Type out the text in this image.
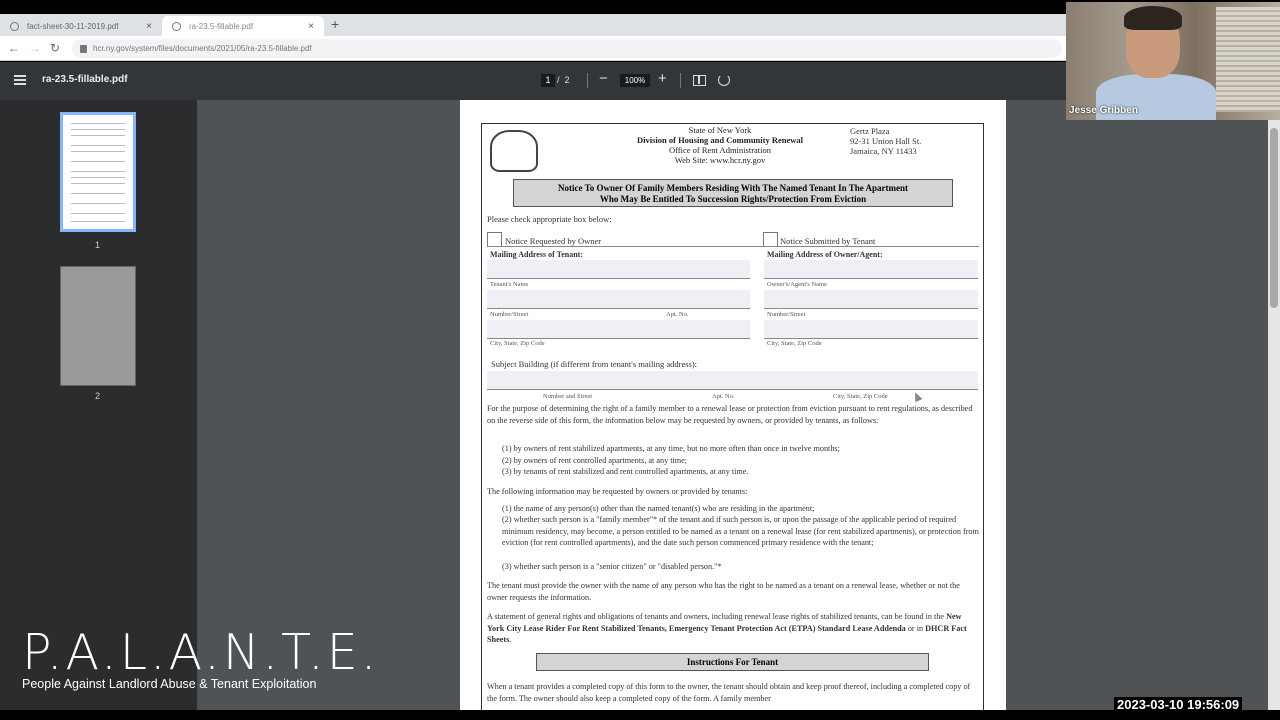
fact-sheet-30-11-2019.pdf	×	ra-23.5-fillable.pdf	× +
← → ↻	hcr.ny.gov/system/files/documents/2021/05/ra-23.5-fillable.pdf
ra-23.5-fillable.pdf	1 / 2 −	100% +
1
2
State of New York
Division of Housing and Community Renewal
Office of Rent Administration
Web Site: www.hcr.ny.gov
Gertz Plaza
92-31 Union Hall St.
Jamaica, NY 11433
Notice To Owner Of Family Members Residing With The Named Tenant In The Apartment
Who May Be Entitled To Succession Rights/Protection From Eviction
Please check appropriate box below:
Notice Requested by Owner	Notice Submitted by Tenant
Mailing Address of Tenant:	Mailing Address of Owner/Agent:
Tenant's Name	Owner's/Agent's Name
Number/Street	Apt. No.	Number/Street
City, State, Zip Code	City, State, Zip Code
Subject Building (if different from tenant's mailing address):
Number and Street	Apt. No.	City, State, Zip Code
For the purpose of determining the right of a family member to a renewal lease or protection from eviction pursuant to rent regulations, as described on the reverse side of this form, the information below may be requested by owners, or provided by tenants, as follows:
(1) by owners of rent stabilized apartments, at any time, but no more often than once in twelve months;
(2) by owners of rent controlled apartments, at any time;
(3) by tenants of rent stabilized and rent controlled apartments, at any time.
The following information may be requested by owners or provided by tenants:
(1) the name of any person(s) other than the named tenant(s) who are residing in the apartment;
(2) whether such person is a "family member"* of the tenant and if such person is, or upon the passage of the applicable period of required minimum residency, may become, a person entitled to be named as a tenant on a renewal lease (for rent stabilized apartments), or protection from eviction (for rent controlled apartments), and the date such person commenced primary residence with the tenant;
(3) whether such person is a "senior citizen" or "disabled person."*
The tenant must provide the owner with the name of any person who has the right to be named as a tenant on a renewal lease, whether or not the owner requests the information.
A statement of general rights and obligations of tenants and owners, including renewal lease rights of stabilized tenants, can be found in the New York City Lease Rider For Rent Stabilized Tenants, Emergency Tenant Protection Act (ETPA) Standard Lease Addenda or in DHCR Fact Sheets.
Instructions For Tenant
When a tenant provides a completed copy of this form to the owner, the tenant should obtain and keep proof thereof, including a completed copy of the form. The owner should also keep a completed copy of the form. A family member
Jesse Gribben
P.A.L.A.N.T.E.
People Against Landlord Abuse & Tenant Exploitation
2023-03-10 19:56:09
